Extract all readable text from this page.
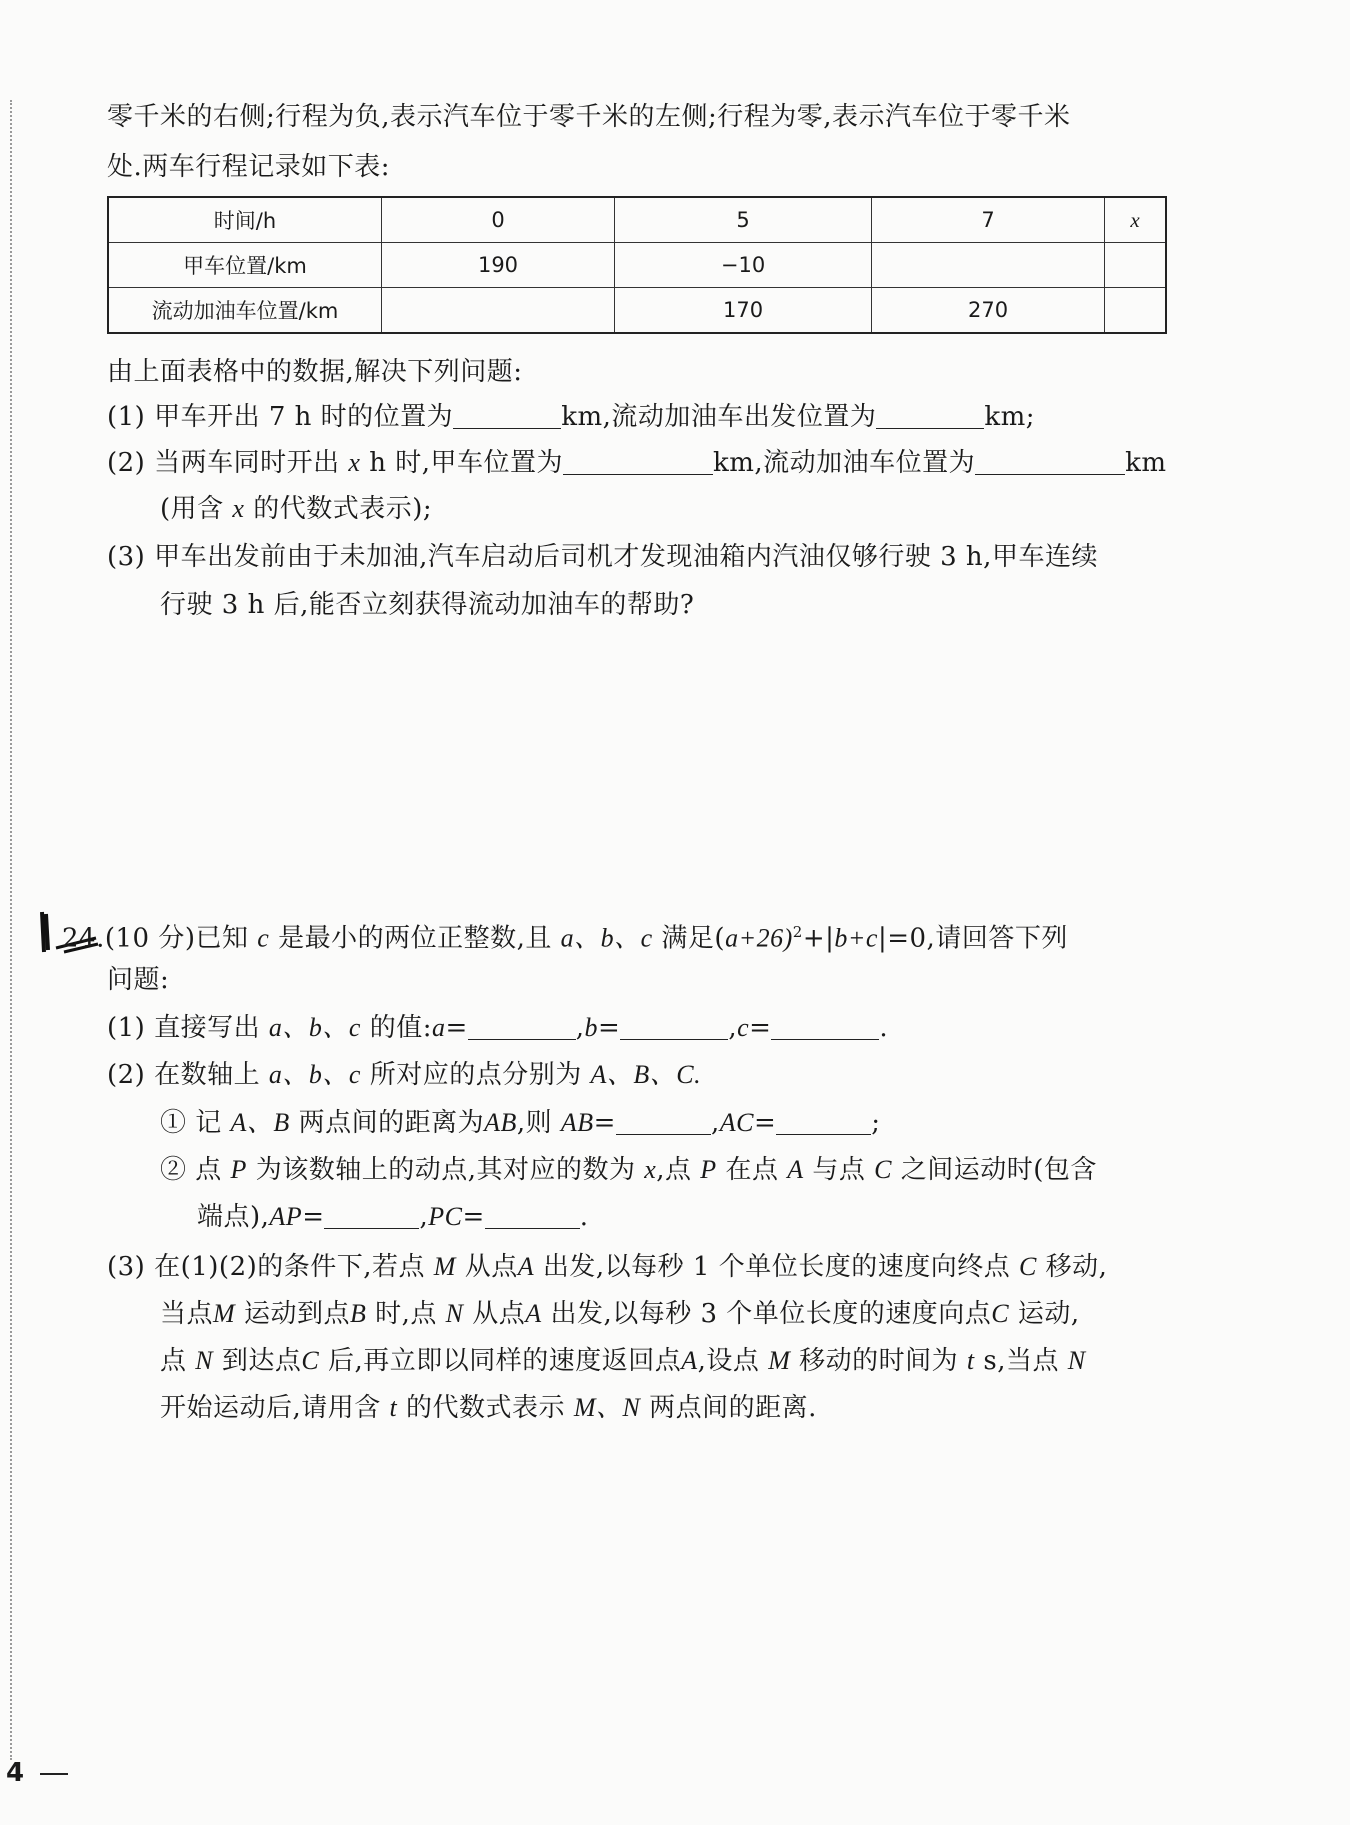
零千米的右侧;行程为负,表示汽车位于零千米的左侧;行程为零,表示汽车位于零千米
处.两车行程记录如下表:
时间/h	0	5	7	x
甲车位置/km	190	−10		
流动加油车位置/km		170	270	
由上面表格中的数据,解决下列问题:
(1) 甲车开出 7 h 时的位置为	km,流动加油车出发位置为	km;
(2) 当两车同时开出 x h 时,甲车位置为	km,流动加油车位置为	km
(用含 x 的代数式表示);
(3) 甲车出发前由于未加油,汽车启动后司机才发现油箱内汽油仅够行驶 3 h,甲车连续
行驶 3 h 后,能否立刻获得流动加油车的帮助?
24.(10 分)已知 c 是最小的两位正整数,且 a、b、c 满足$(a+26)^2+|b+c|=0$,请回答下列
问题:
(1) 直接写出 a、b、c 的值:a=	,b=	,c=	.
(2) 在数轴上 a、b、c 所对应的点分别为 A、B、C.
① 记 A、B 两点间的距离为AB,则 AB=	,AC=	;
② 点 P 为该数轴上的动点,其对应的数为 x,点 P 在点 A 与点 C 之间运动时(包含
端点),AP=	,PC=	.
(3) 在(1)(2)的条件下,若点 M 从点A 出发,以每秒 1 个单位长度的速度向终点 C 移动,
当点M 运动到点B 时,点 N 从点A 出发,以每秒 3 个单位长度的速度向点C 运动,
点 N 到达点C 后,再立即以同样的速度返回点A,设点 M 移动的时间为 t s,当点 N
开始运动后,请用含 t 的代数式表示 M、N 两点间的距离.
4
